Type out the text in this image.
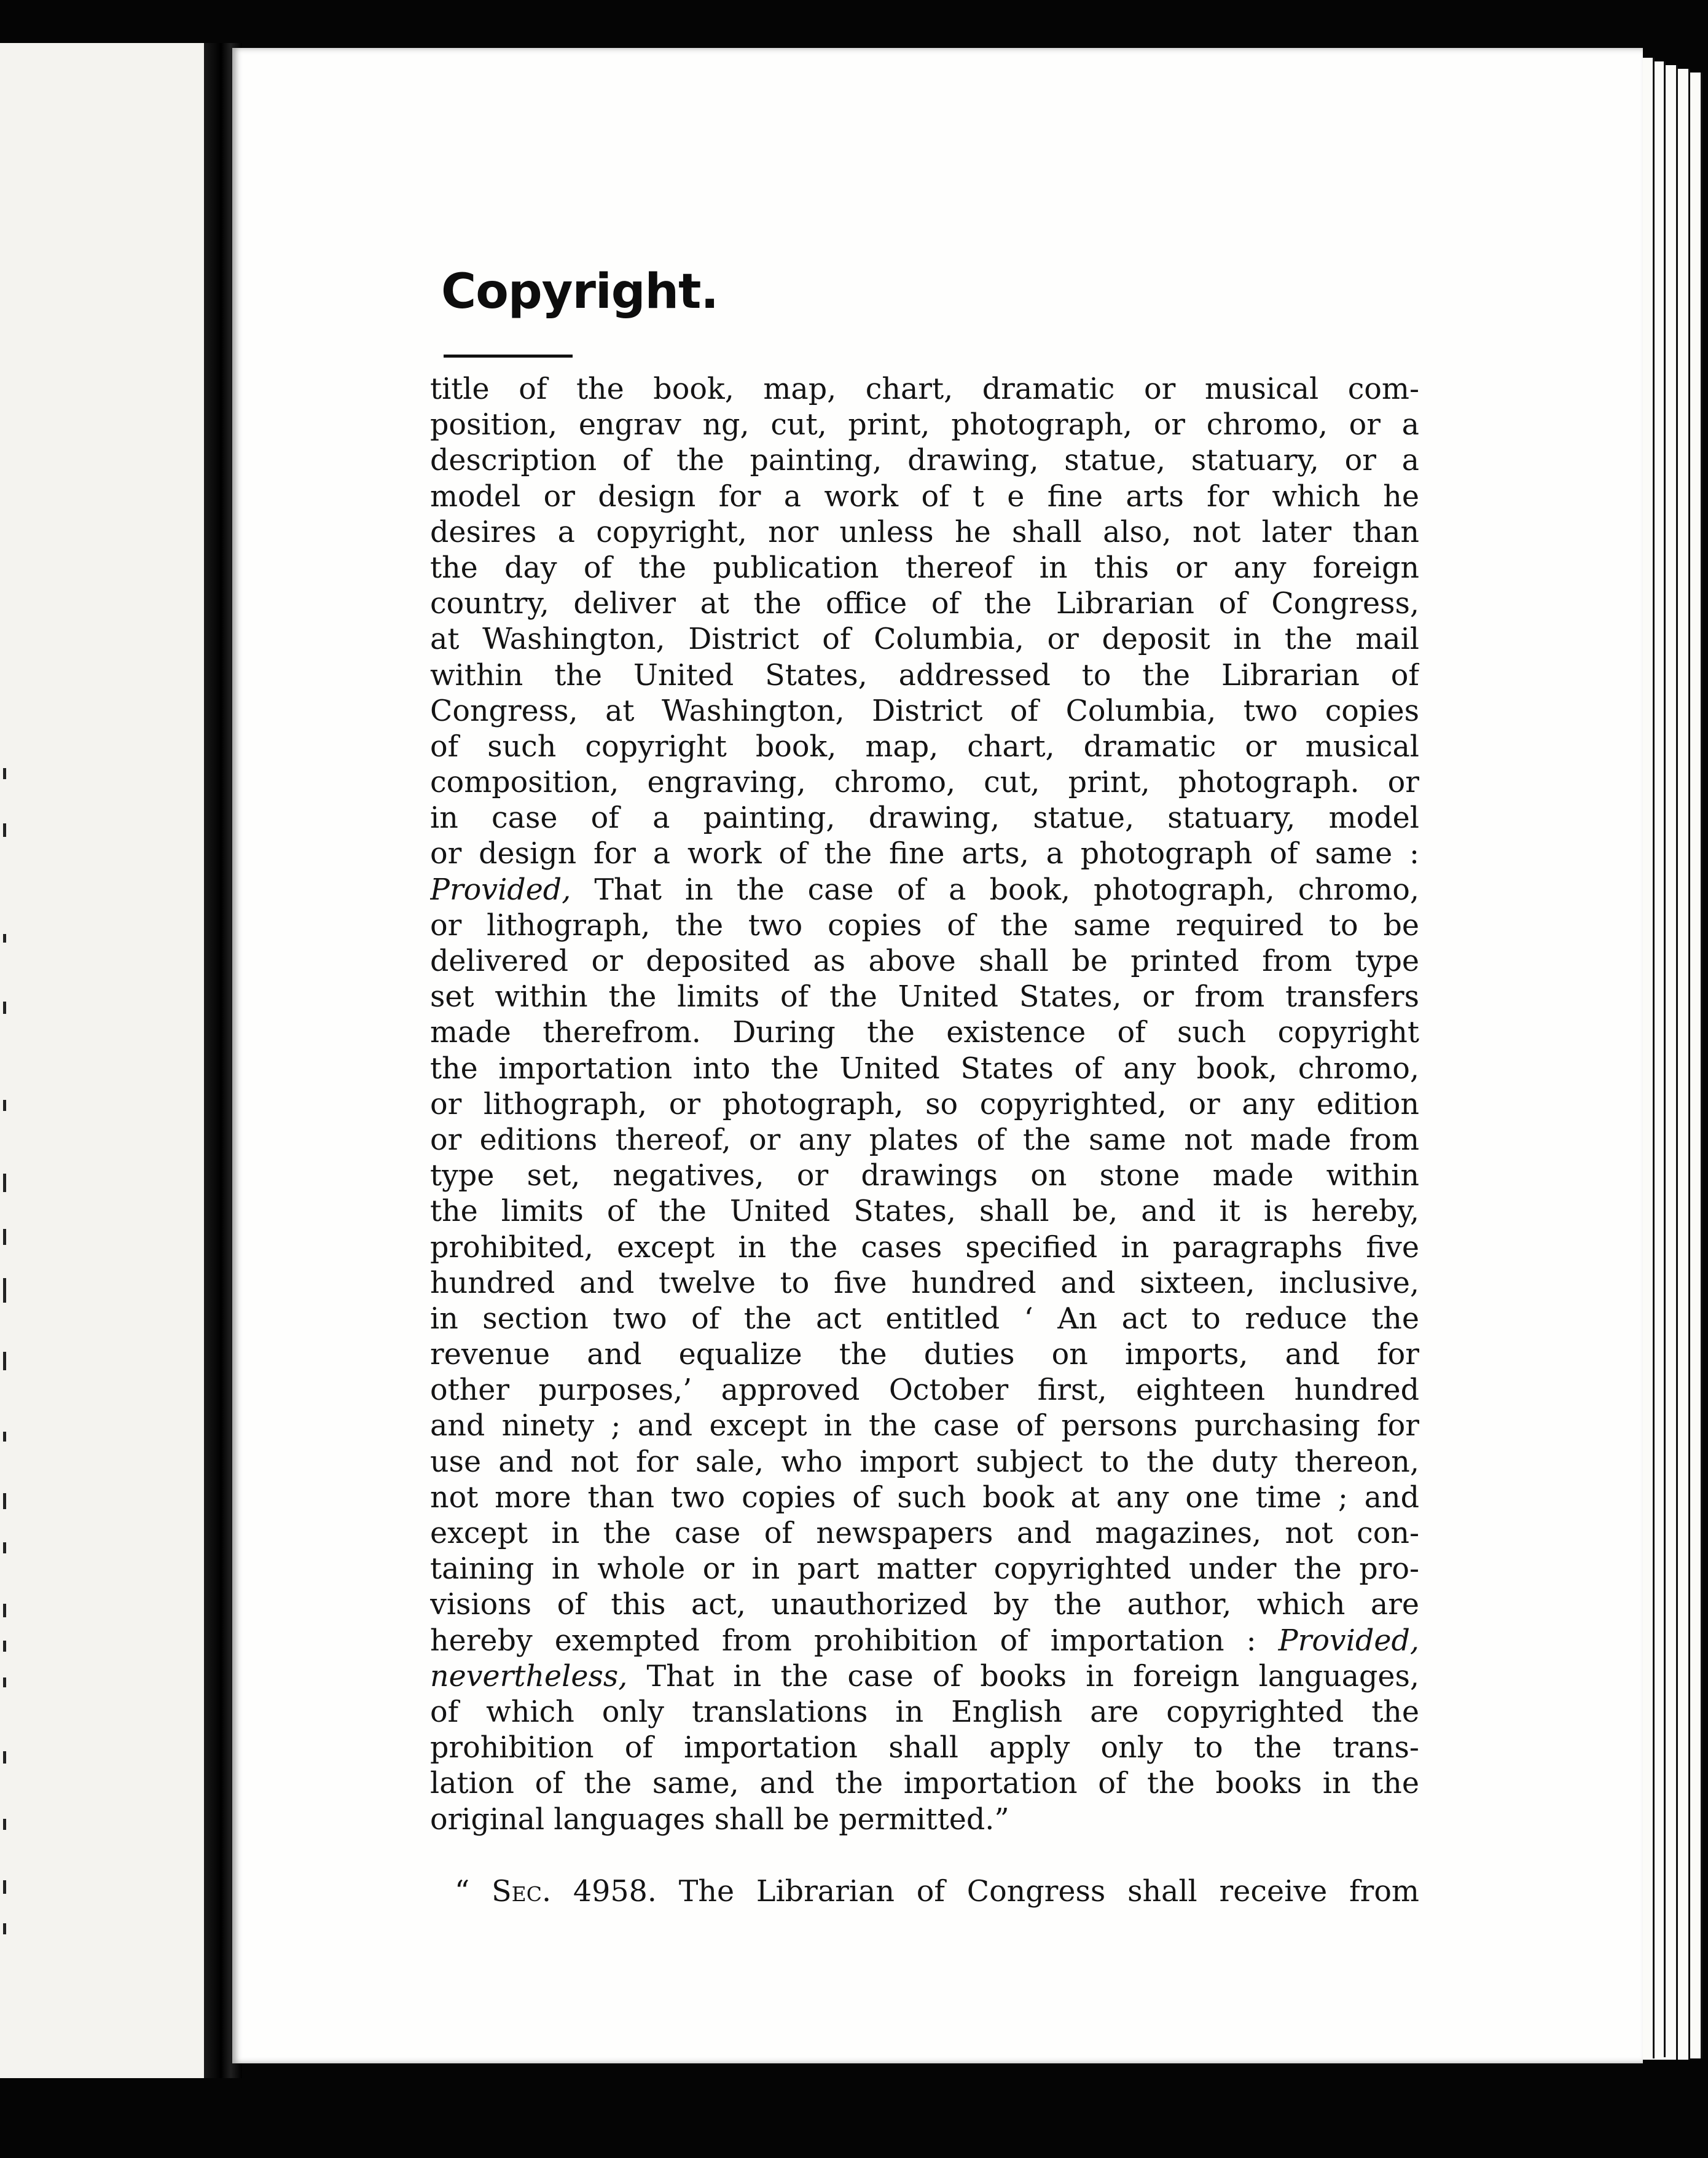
Copyright.
title of the book, map, chart, dramatic or musical com-
position, engrav ng, cut, print, photograph, or chromo, or a
description of the painting, drawing, statue, statuary, or a
model or design for a work of t e fine arts for which he
desires a copyright, nor unless he shall also, not later than
the day of the publication thereof in this or any foreign
country, deliver at the office of the Librarian of Congress,
at Washington, District of Columbia, or deposit in the mail
within the United States, addressed to the Librarian of
Congress, at Washington, District of Columbia, two copies
of such copyright book, map, chart, dramatic or musical
composition, engraving, chromo, cut, print, photograph. or
in case of a painting, drawing, statue, statuary, model
or design for a work of the fine arts, a photograph of same :
Provided, That in the case of a book, photograph, chromo,
or lithograph, the two copies of the same required to be
delivered or deposited as above shall be printed from type
set within the limits of the United States, or from transfers
made therefrom. During the existence of such copyright
the importation into the United States of any book, chromo,
or lithograph, or photograph, so copyrighted, or any edition
or editions thereof, or any plates of the same not made from
type set, negatives, or drawings on stone made within
the limits of the United States, shall be, and it is hereby,
prohibited, except in the cases specified in paragraphs five
hundred and twelve to five hundred and sixteen, inclusive,
in section two of the act entitled ‘ An act to reduce the
revenue and equalize the duties on imports, and for
other purposes,’ approved October first, eighteen hundred
and ninety ; and except in the case of persons purchasing for
use and not for sale, who import subject to the duty thereon,
not more than two copies of such book at any one time ; and
except in the case of newspapers and magazines, not con-
taining in whole or in part matter copyrighted under the pro-
visions of this act, unauthorized by the author, which are
hereby exempted from prohibition of importation : Provided,
nevertheless, That in the case of books in foreign languages,
of which only translations in English are copyrighted the
prohibition of importation shall apply only to the trans-
lation of the same, and the importation of the books in the
original languages shall be permitted.”
“ Sec. 4958. The Librarian of Congress shall receive from
